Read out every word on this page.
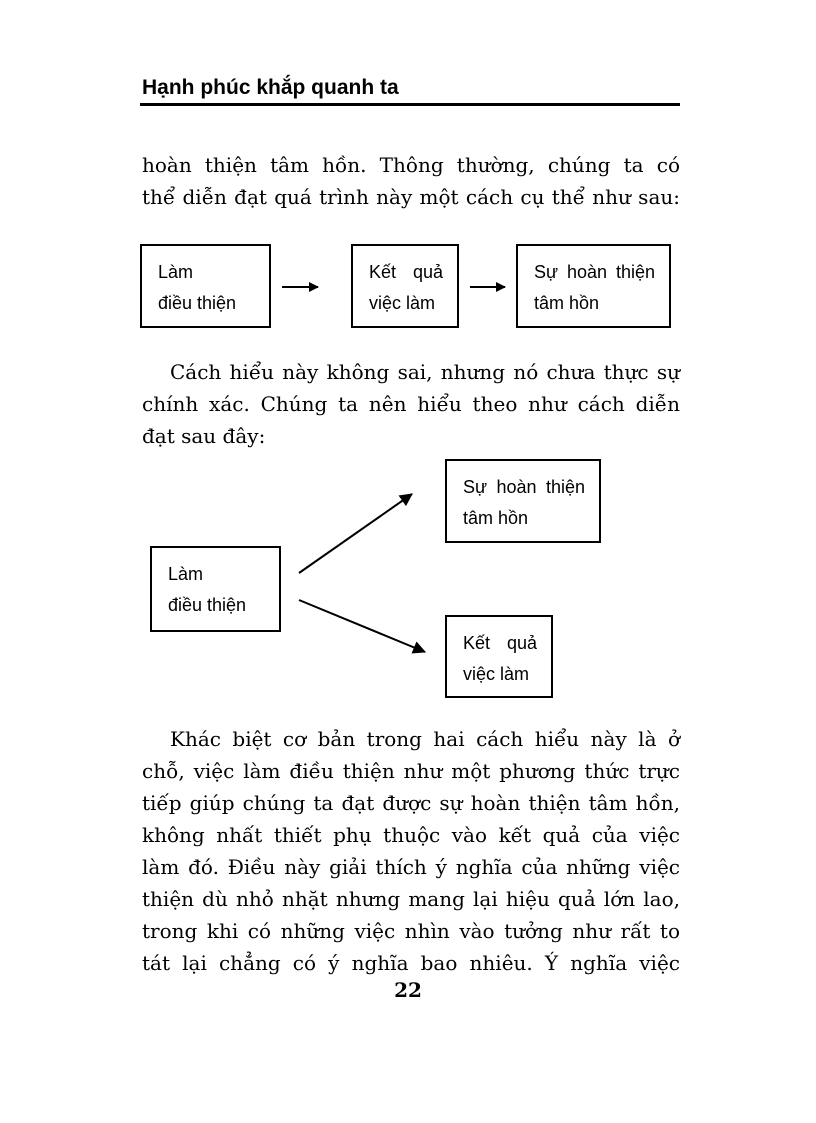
Hạnh phúc khắp quanh ta
hoàn thiện tâm hồn. Thông thường, chúng ta có
thể diễn đạt quá trình này một cách cụ thể như sau:
Làm
điều thiện
Kết quả
việc làm
Sự hoàn thiện
tâm hồn
Cách hiểu này không sai, nhưng nó chưa thực sự
chính xác. Chúng ta nên hiểu theo như cách diễn
đạt sau đây:
Làm
điều thiện
Sự hoàn thiện
tâm hồn
Kết quả
việc làm
Khác biệt cơ bản trong hai cách hiểu này là ở
chỗ, việc làm điều thiện như một phương thức trực
tiếp giúp chúng ta đạt được sự hoàn thiện tâm hồn,
không nhất thiết phụ thuộc vào kết quả của việc
làm đó. Điều này giải thích ý nghĩa của những việc
thiện dù nhỏ nhặt nhưng mang lại hiệu quả lớn lao,
trong khi có những việc nhìn vào tưởng như rất to
tát lại chẳng có ý nghĩa bao nhiêu. Ý nghĩa việc
22
